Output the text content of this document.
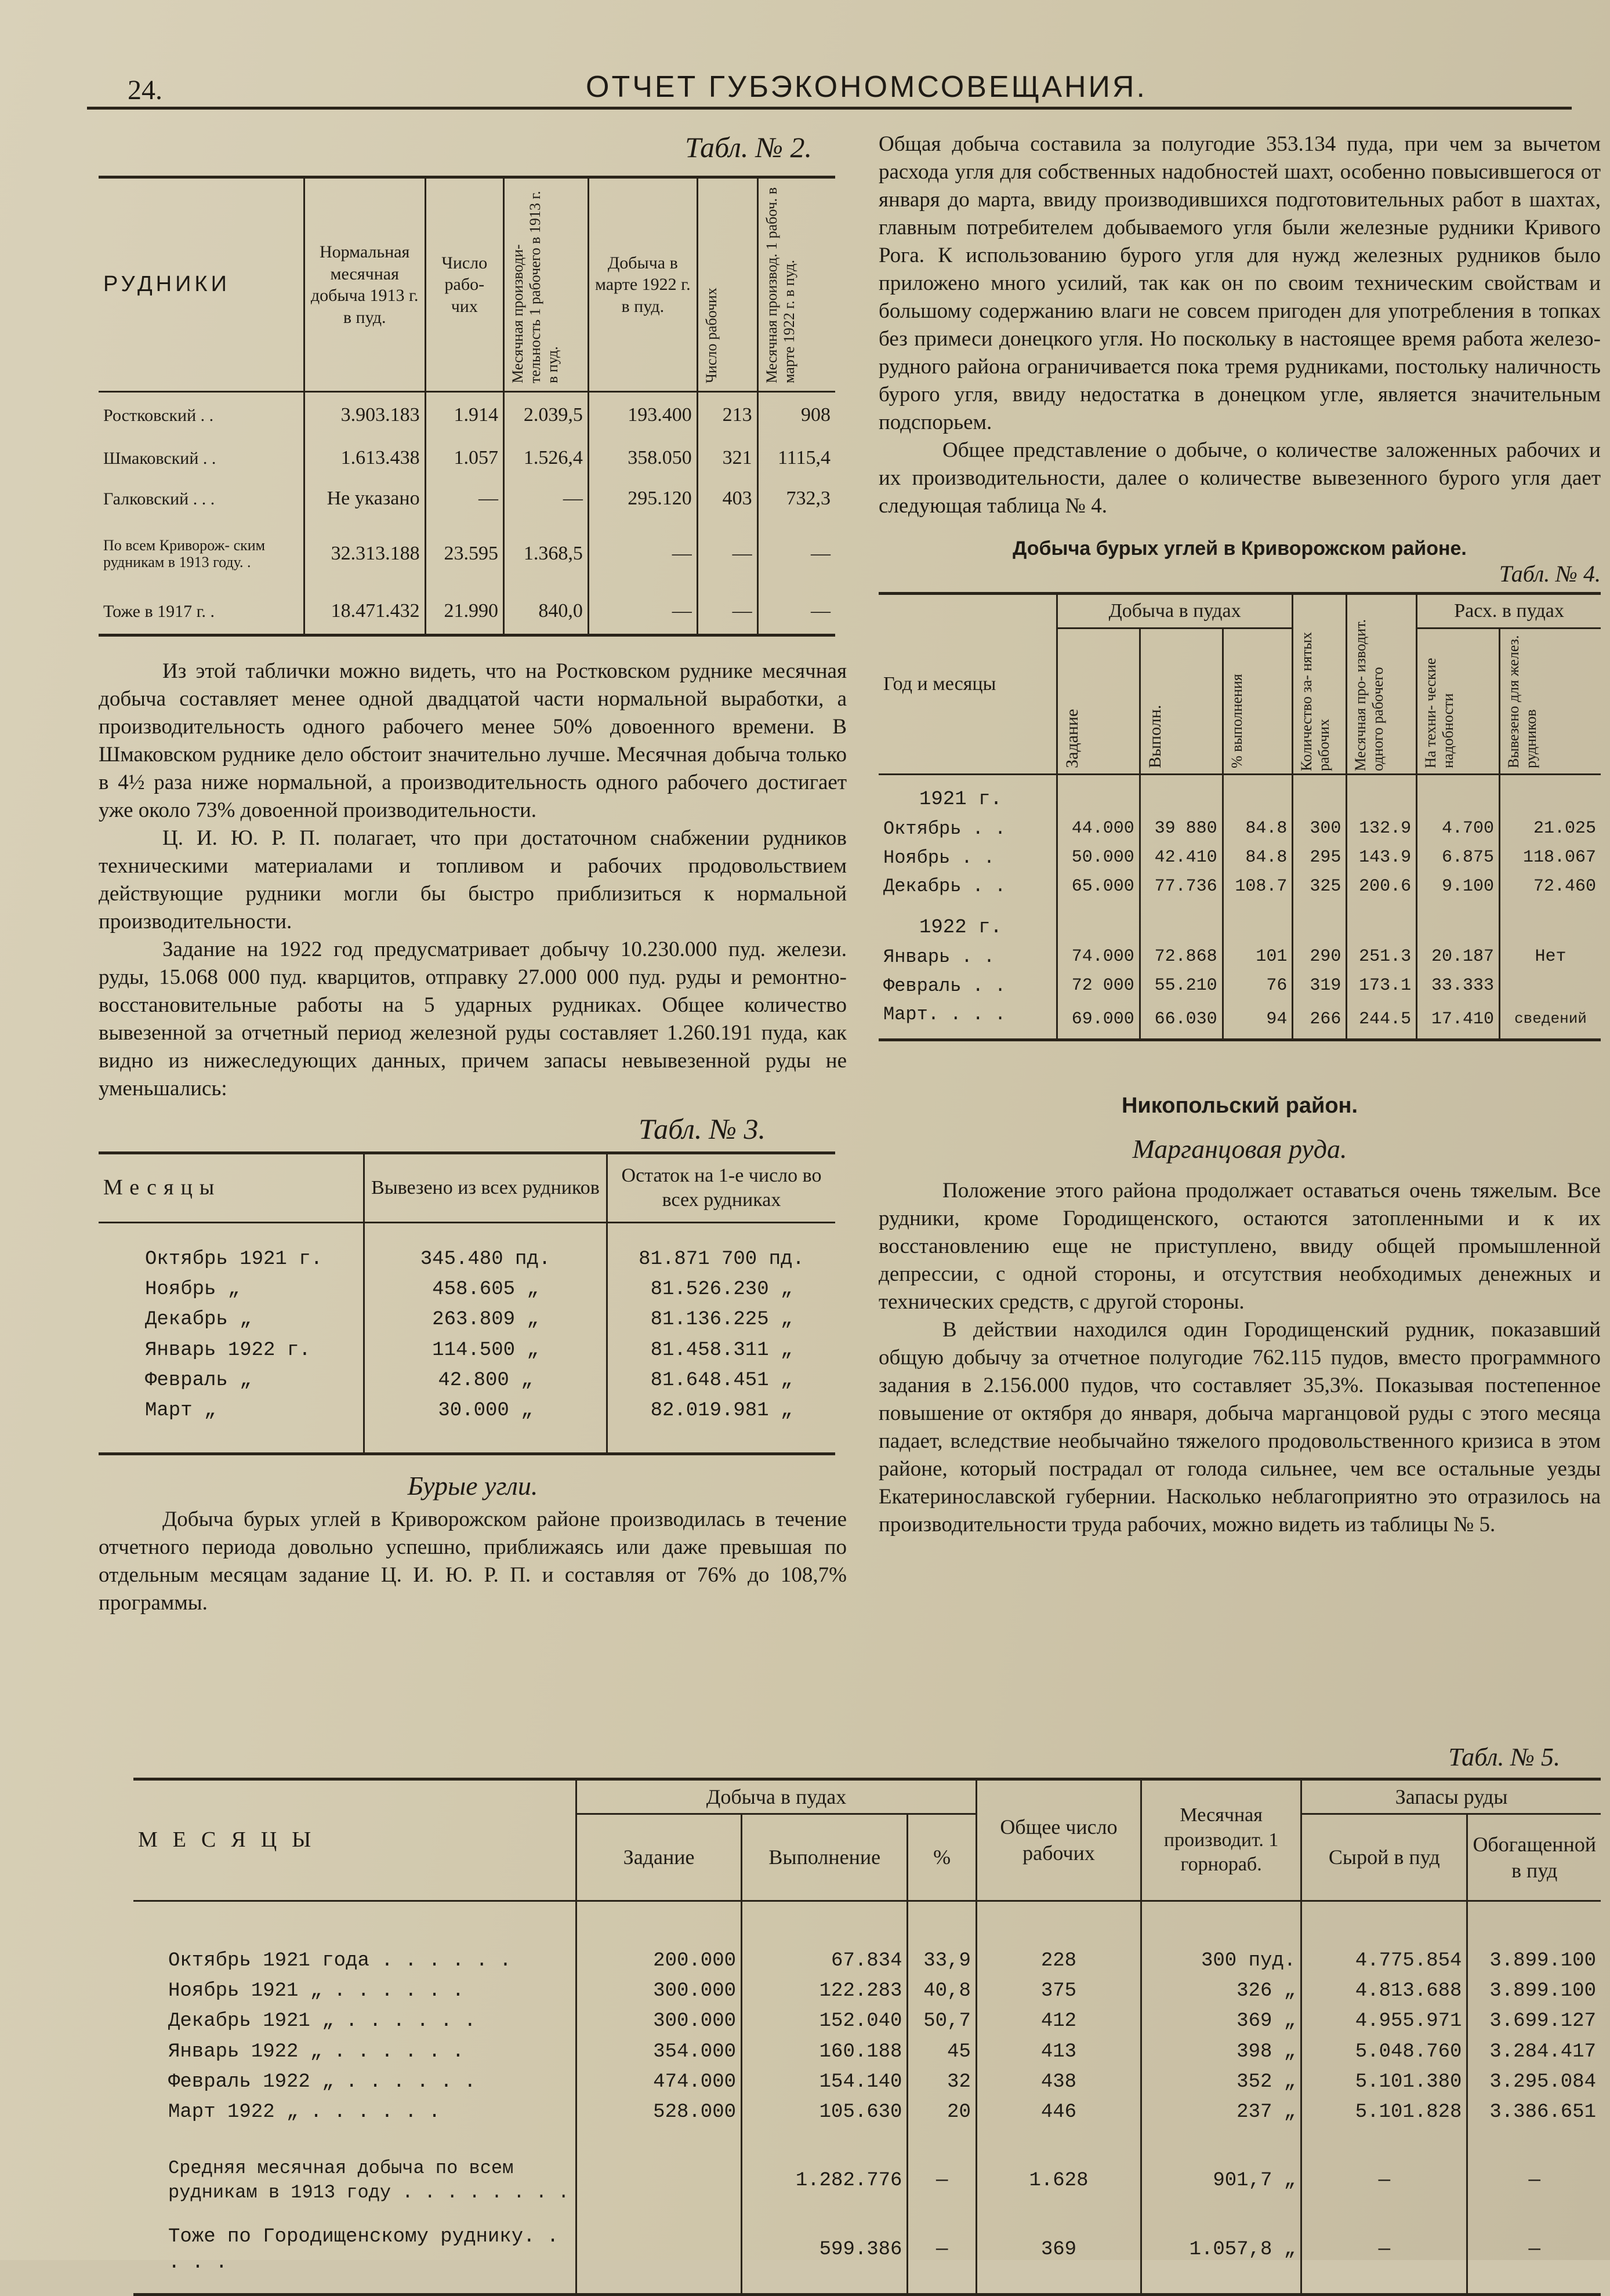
24.	ОТЧЕТ ГУБЭКОНОМСОВЕЩАНИЯ.
Табл. № 2.
РУДНИКИ	Нормальная месячная добыча 1913 г. в пуд.	Число рабо- чих	Месячная производи- тельность 1 рабочего в 1913 г. в пуд.	Добыча в марте 1922 г. в пуд.	Число рабочих	Месячная производ. 1 рабоч. в марте 1922 г. в пуд.

Ростковский . .	3.903.183	1.914	2.039,5	193.400	213	908
Шмаковский . .	1.613.438	1.057	1.526,4	358.050	321	1115,4
Галковский . . .	Не указано	—	—	295.120	403	732,3
По всем Криворож- ским рудникам в 1913 году. .	32.313.188	23.595	1.368,5	—	—	—
Тоже в 1917 г. .	18.471.432	21.990	840,0	—	—	—

Из этой таблички можно видеть, что на Ростковском руднике месячная добыча составляет менее одной двадцатой части нормальной выработки, а производительность одного рабочего менее 50% довоенного времени. В Шмаковском руднике дело обстоит значительно лучше. Месячная добыча только в 4½ раза ниже нормальной, а производительность одного рабочего достигает уже около 73% довоенной производительности.

Ц. И. Ю. Р. П. полагает, что при достаточном снабжении рудников техническими материалами и топливом и рабочих продовольствием действующие рудники могли бы быстро приблизиться к нормальной производительности.

Задание на 1922 год предусматривает добычу 10.230.000 пуд. желези. руды, 15.068 000 пуд. кварцитов, отправку 27.000 000 пуд. руды и ремонтно-восстановительные работы на 5 ударных рудниках. Общее количество вывезенной за отчетный период железной руды составляет 1.260.191 пуда, как видно из нижеследующих данных, причем запасы невывезенной руды не уменьшались:

Табл. № 3.
Месяцы	Вывезено из всех рудников	Остаток на 1-е число во всех рудниках
Октябрь 1921 г.	345.480 пд.	81.871 700 пд.
Ноябрь „	458.605 „	81.526.230 „
Декабрь „	263.809 „	81.136.225 „
Январь 1922 г.	114.500 „	81.458.311 „
Февраль „	42.800 „	81.648.451 „
Март „	30.000 „	82.019.981 „
Бурые угли.

Добыча бурых углей в Криворожском районе производилась в течение отчетного периода довольно успешно, приближаясь или даже превышая по отдельным месяцам задание Ц. И. Ю. Р. П. и составляя от 76% до 108,7% программы.

Общая добыча составила за полугодие 353.134 пуда, при чем за вычетом расхода угля для собственных надобностей шахт, особенно повысившегося от января до марта, ввиду производившихся подготовительных работ в шахтах, главным потребителем добываемого угля были железные рудники Кривого Рога. К использованию бурого угля для нужд железных рудников было приложено много усилий, так как он по своим техническим свойствам и большому содержанию влаги не совсем пригоден для употребления в топках без примеси донецкого угля. Но поскольку в настоящее время работа железо-рудного района ограничивается пока тремя рудниками, постольку наличность бурого угля, ввиду недостатка в донецком угле, является значительным подспорьем.

Общее представление о добыче, о количестве заложенных рабочих и их производительности, далее о количестве вывезенного бурого угля дает следующая таблица № 4.

Добыча бурых углей в Криворожском районе.
Табл. № 4.
Год и месяцы	Добыча в пудах			Количество за- нятых рабочих	Месячная про- изводит. одного рабочего	Расх. в пудах	

	Задание	Выполн.	% выполнения			На техни- ческие надобности	Вывезено для желез. рудников

1921 г.							
Октябрь . .	44.000	39 880	84.8	300	132.9	4.700	21.025
Ноябрь . .	50.000	42.410	84.8	295	143.9	6.875	118.067
Декабрь . .	65.000	77.736	108.7	325	200.6	9.100	72.460
1922 г.							
Январь . .	74.000	72.868	101	290	251.3	20.187	Нет
Февраль . .	72 000	55.210	76	319	173.1	33.333	
Март. . . .	69.000	66.030	94	266	244.5	17.410	сведений
Никопольский район.
Марганцовая руда.

Положение этого района продолжает оставаться очень тяжелым. Все рудники, кроме Городищенского, остаются затопленными и к их восстановлению еще не приступлено, ввиду общей промышленной депрессии, с одной стороны, и отсутствия необходимых денежных и технических средств, с другой стороны.

В действии находился один Городищенский рудник, показавший общую добычу за отчетное полугодие 762.115 пудов, вместо программного задания в 2.156.000 пудов, что составляет 35,3%. Показывая постепенное повышение от октября до января, добыча марганцовой руды с этого месяца падает, вследствие необычайно тяжелого продовольственного кризиса в этом районе, который пострадал от голода сильнее, чем все остальные уезды Екатеринославской губернии. Насколько неблагоприятно это отразилось на производительности труда рабочих, можно видеть из таблицы № 5.

Табл. № 5.
МЕСЯЦЫ	Добыча в пудах			Общее число рабочих	Месячная производит. 1 горнораб.	Запасы руды	
	Задание	Выполнение	%			Сырой в пуд	Обогащенной в пуд
Октябрь 1921 года . . . . . .	200.000	67.834	33,9	228	300 пуд.	4.775.854	3.899.100
Ноябрь 1921 „ . . . . . .	300.000	122.283	40,8	375	326 „	4.813.688	3.899.100
Декабрь 1921 „ . . . . . .	300.000	152.040	50,7	412	369 „	4.955.971	3.699.127
Январь 1922 „ . . . . . .	354.000	160.188	45	413	398 „	5.048.760	3.284.417
Февраль 1922 „ . . . . . .	474.000	154.140	32	438	352 „	5.101.380	3.295.084
Март 1922 „ . . . . . .	528.000	105.630	20	446	237 „	5.101.828	3.386.651
Средняя месячная добыча по всем рудникам в 1913 году . . . . . . . .		1.282.776	—	1.628	901,7 „	—	—
Тоже по Городищенскому руднику. . . . .		599.386	—	369	1.057,8 „	—	—
